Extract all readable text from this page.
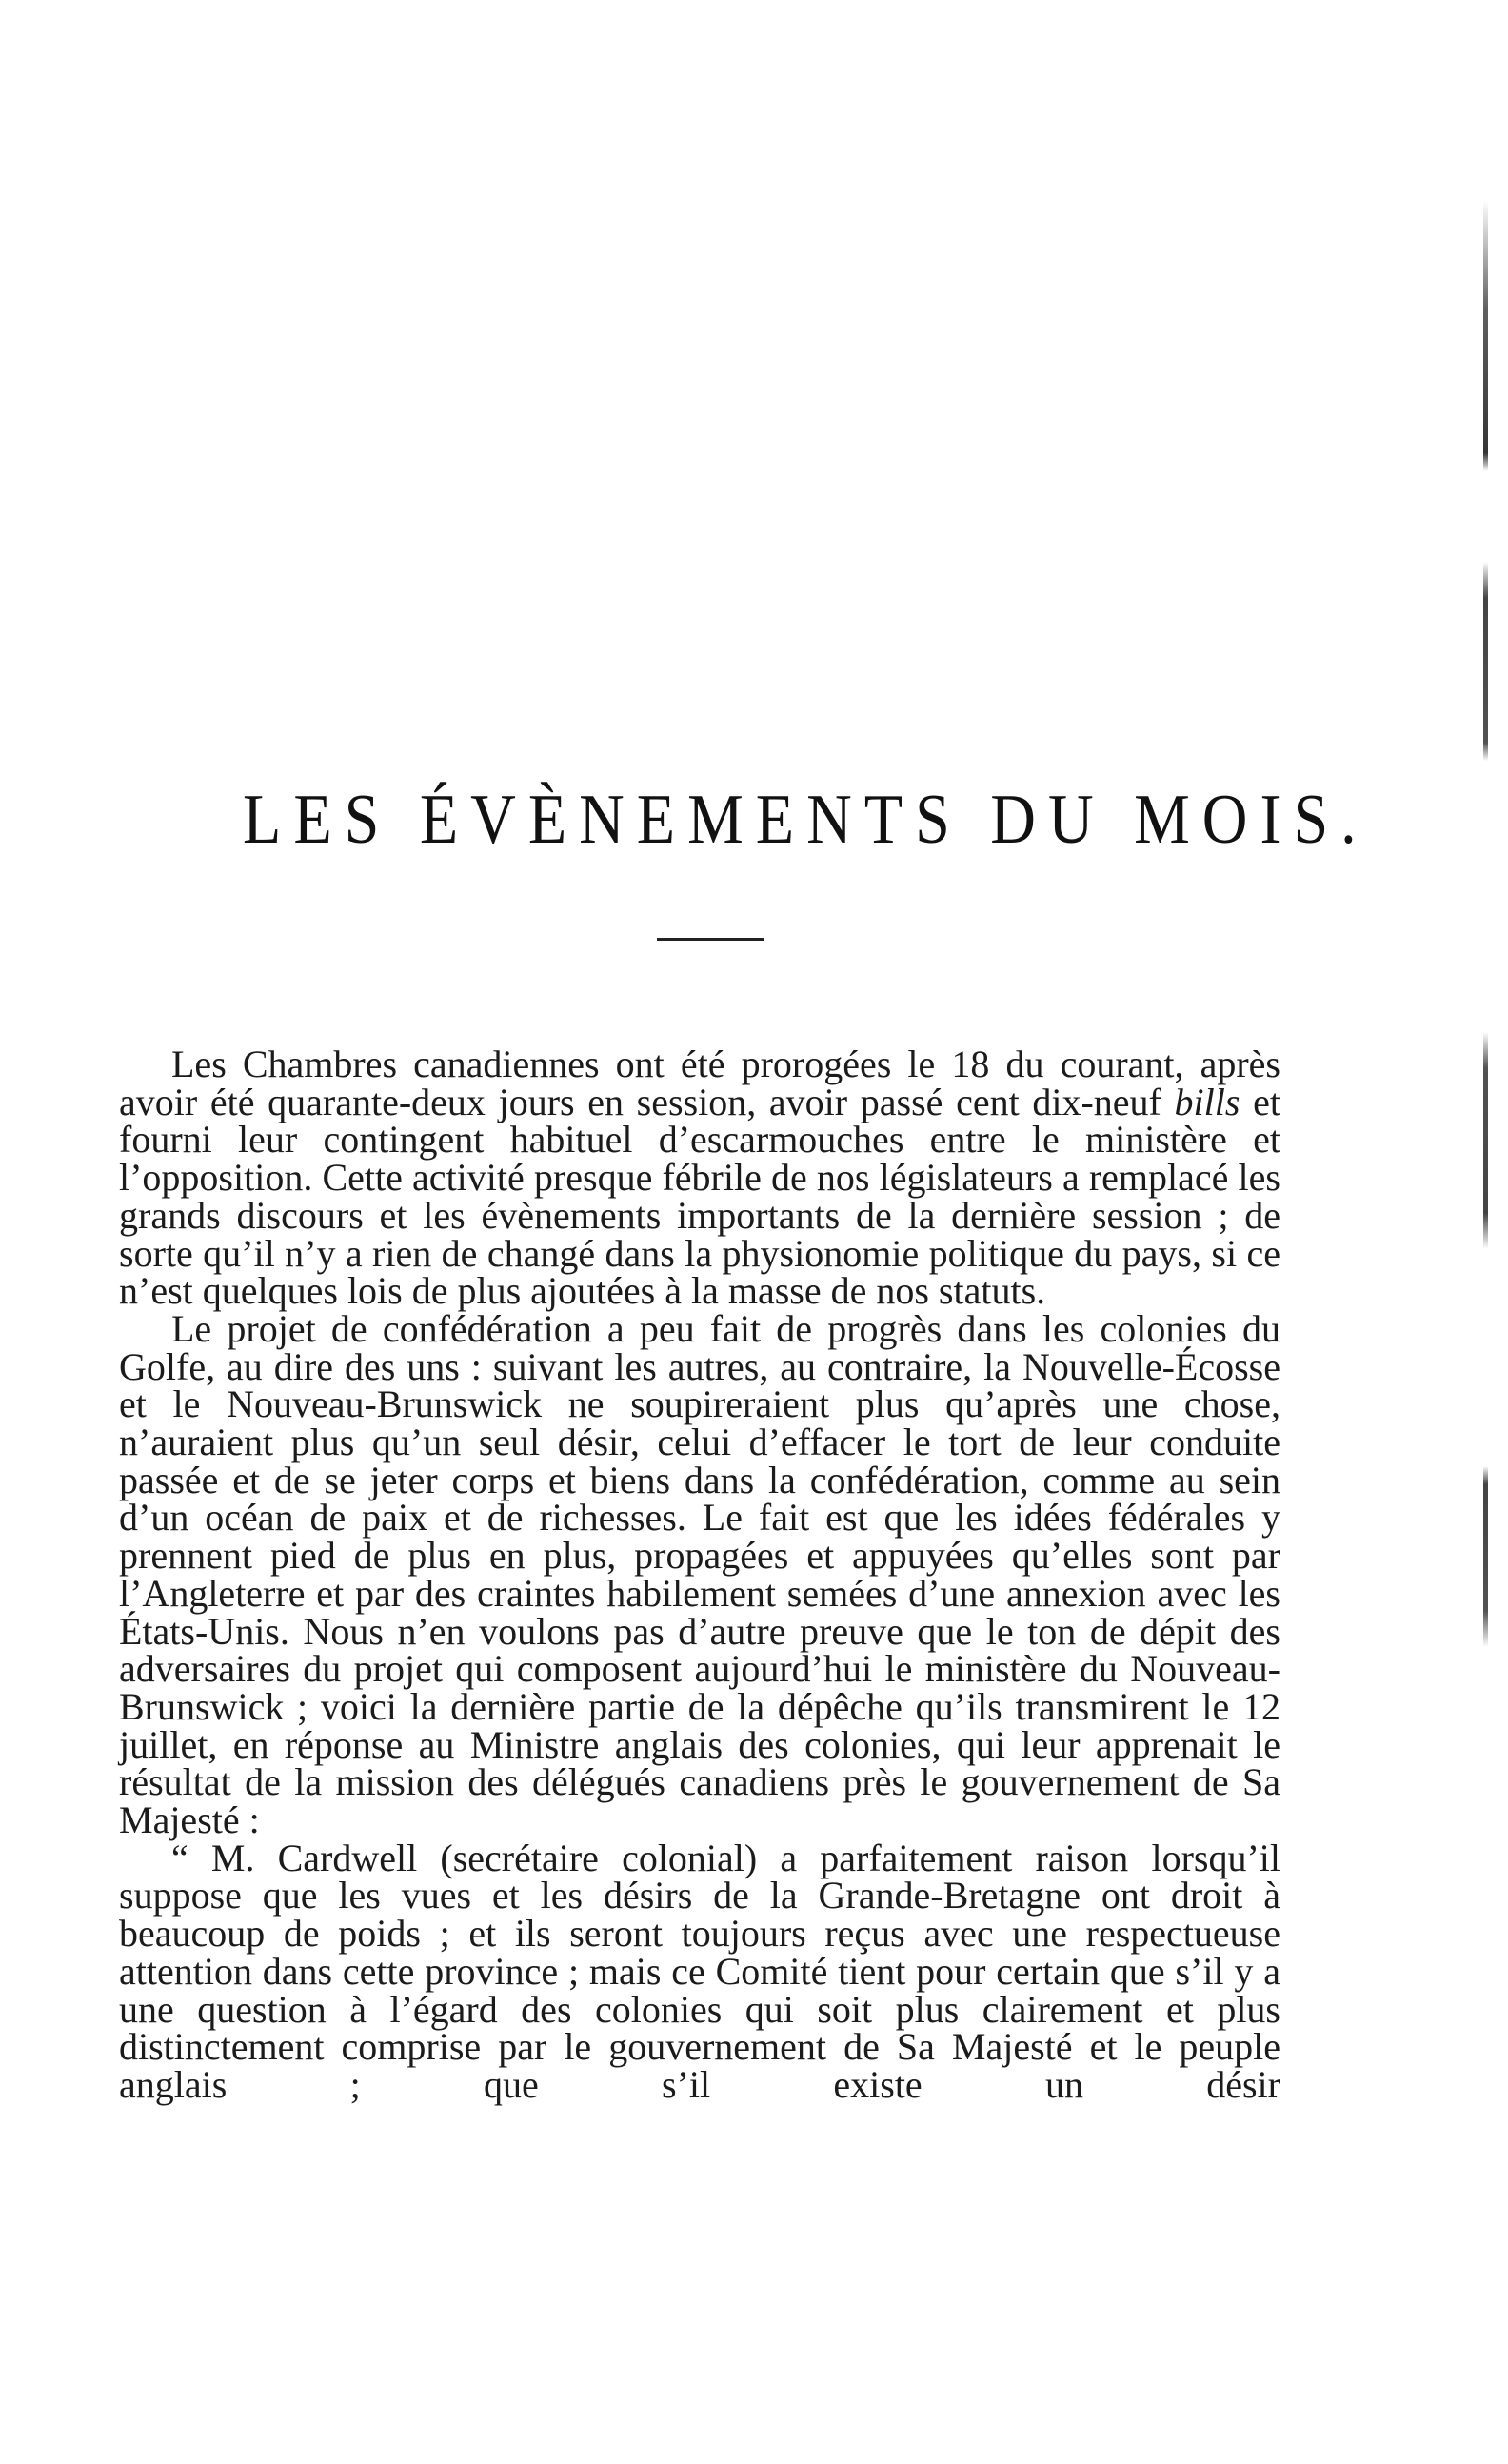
LES ÉVÈNEMENTS DU MOIS.

Les Chambres canadiennes ont été prorogées le 18 du courant, après avoir été quarante-deux jours en session, avoir passé cent dix-neuf bills et fourni leur contingent habituel d’escarmouches entre le ministère et l’opposition. Cette activité presque fébrile de nos législateurs a remplacé les grands discours et les évènements importants de la dernière session ; de sorte qu’il n’y a rien de changé dans la physionomie politique du pays, si ce n’est quelques lois de plus ajoutées à la masse de nos statuts.

Le projet de confédération a peu fait de progrès dans les colonies du Golfe, au dire des uns : suivant les autres, au contraire, la Nouvelle-Écosse et le Nouveau-Brunswick ne soupireraient plus qu’après une chose, n’auraient plus qu’un seul désir, celui d’effacer le tort de leur conduite passée et de se jeter corps et biens dans la confédération, comme au sein d’un océan de paix et de richesses. Le fait est que les idées fédérales y prennent pied de plus en plus, propagées et appuyées qu’elles sont par l’Angleterre et par des craintes habilement semées d’une annexion avec les États-Unis. Nous n’en voulons pas d’autre preuve que le ton de dépit des adversaires du projet qui composent aujourd’hui le ministère du Nouveau-Brunswick ; voici la dernière partie de la dépêche qu’ils transmirent le 12 juillet, en réponse au Ministre anglais des colonies, qui leur apprenait le résultat de la mission des délégués canadiens près le gouvernement de Sa Majesté :

“ M. Cardwell (secrétaire colonial) a parfaitement raison lorsqu’il suppose que les vues et les désirs de la Grande-Bretagne ont droit à beaucoup de poids ; et ils seront toujours reçus avec une respectueuse attention dans cette province ; mais ce Comité tient pour certain que s’il y a une question à l’égard des colonies qui soit plus clairement et plus distinctement comprise par le gouvernement de Sa Majesté et le peuple anglais ; que s’il existe un désir
